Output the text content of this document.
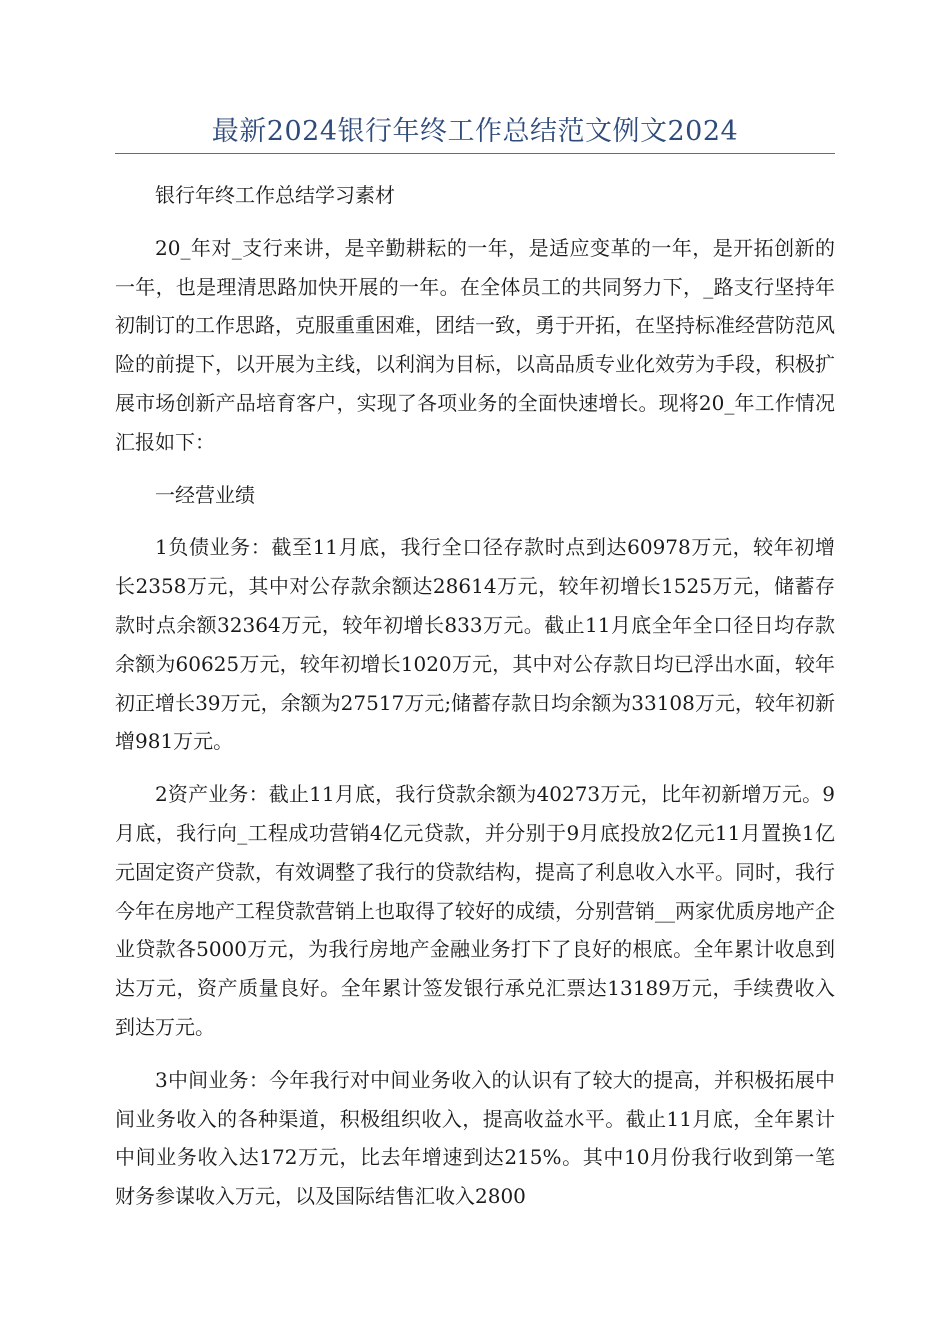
最新2024银行年终工作总结范文例文2024

银行年终工作总结学习素材

20_年对_支行来讲，是辛勤耕耘的一年，是适应变革的一年，是开拓创新的一年，也是理清思路加快开展的一年。在全体员工的共同努力下，_路支行坚持年初制订的工作思路，克服重重困难，团结一致，勇于开拓，在坚持标准经营防范风险的前提下，以开展为主线，以利润为目标，以高品质专业化效劳为手段，积极扩展市场创新产品培育客户，实现了各项业务的全面快速增长。现将20_年工作情况汇报如下：

一经营业绩

1负债业务：截至11月底，我行全口径存款时点到达60978万元，较年初增长2358万元，其中对公存款余额达28614万元，较年初增长1525万元，储蓄存款时点余额32364万元，较年初增长833万元。截止11月底全年全口径日均存款余额为60625万元，较年初增长1020万元，其中对公存款日均已浮出水面，较年初正增长39万元，余额为27517万元;储蓄存款日均余额为33108万元，较年初新增981万元。

2资产业务：截止11月底，我行贷款余额为40273万元，比年初新增万元。9月底，我行向_工程成功营销4亿元贷款，并分别于9月底投放2亿元11月置换1亿元固定资产贷款，有效调整了我行的贷款结构，提高了利息收入水平。同时，我行今年在房地产工程贷款营销上也取得了较好的成绩，分别营销__两家优质房地产企业贷款各5000万元，为我行房地产金融业务打下了良好的根底。全年累计收息到达万元，资产质量良好。全年累计签发银行承兑汇票达13189万元，手续费收入到达万元。

3中间业务：今年我行对中间业务收入的认识有了较大的提高，并积极拓展中间业务收入的各种渠道，积极组织收入，提高收益水平。截止11月底，全年累计中间业务收入达172万元，比去年增速到达215%。其中10月份我行收到第一笔财务参谋收入万元，以及国际结售汇收入2800
